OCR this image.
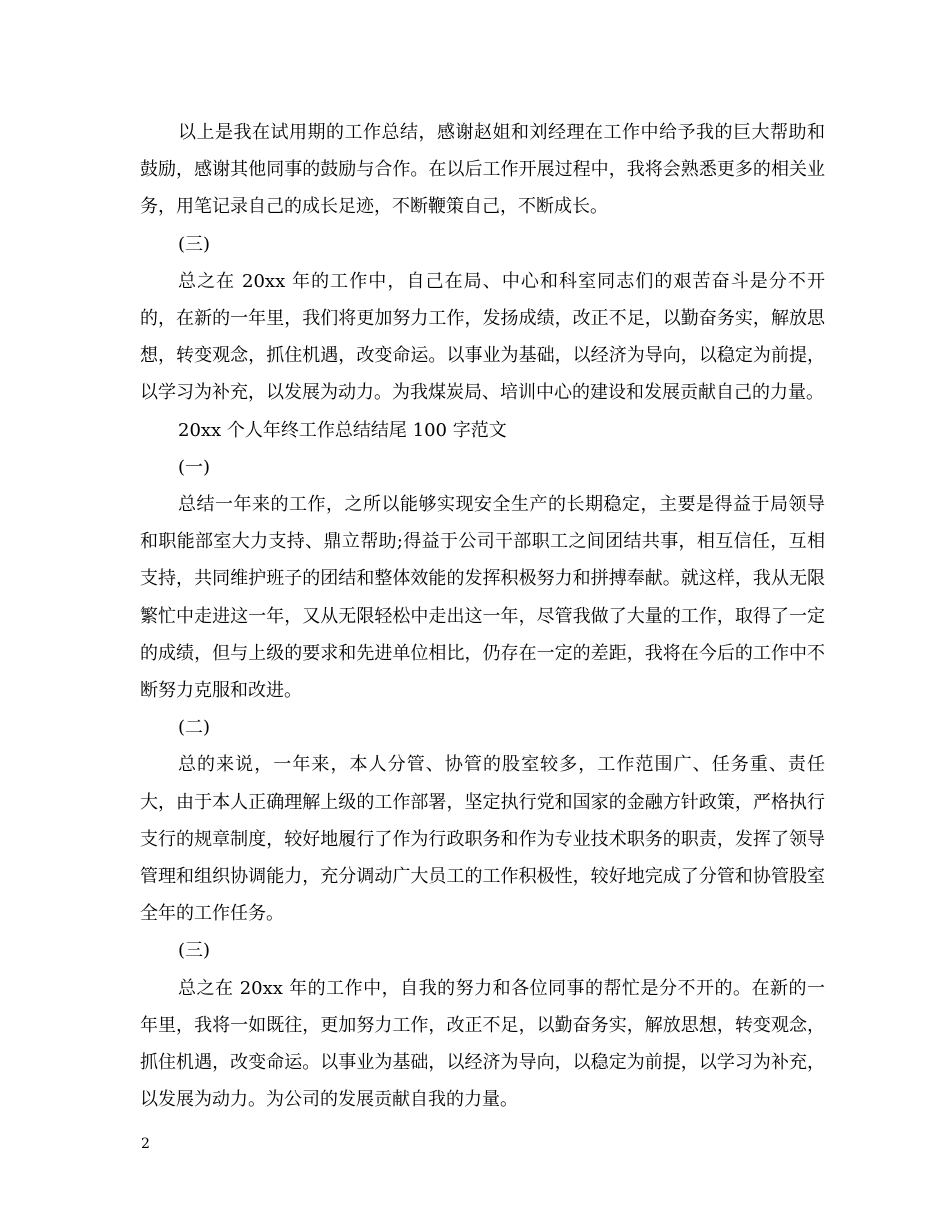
以上是我在试用期的工作总结，感谢赵姐和刘经理在工作中给予我的巨大帮助和鼓励，感谢其他同事的鼓励与合作。在以后工作开展过程中，我将会熟悉更多的相关业务，用笔记录自己的成长足迹，不断鞭策自己，不断成长。

(三)

总之在 20xx 年的工作中，自己在局、中心和科室同志们的艰苦奋斗是分不开的，在新的一年里，我们将更加努力工作，发扬成绩，改正不足，以勤奋务实，解放思想，转变观念，抓住机遇，改变命运。以事业为基础，以经济为导向，以稳定为前提，以学习为补充，以发展为动力。为我煤炭局、培训中心的建设和发展贡献自己的力量。

20xx 个人年终工作总结结尾 100 字范文

(一)

总结一年来的工作，之所以能够实现安全生产的长期稳定，主要是得益于局领导和职能部室大力支持、鼎立帮助;得益于公司干部职工之间团结共事，相互信任，互相支持，共同维护班子的团结和整体效能的发挥积极努力和拼搏奉献。就这样，我从无限繁忙中走进这一年，又从无限轻松中走出这一年，尽管我做了大量的工作，取得了一定的成绩，但与上级的要求和先进单位相比，仍存在一定的差距，我将在今后的工作中不断努力克服和改进。

(二)

总的来说，一年来，本人分管、协管的股室较多，工作范围广、任务重、责任大，由于本人正确理解上级的工作部署，坚定执行党和国家的金融方针政策，严格执行支行的规章制度，较好地履行了作为行政职务和作为专业技术职务的职责，发挥了领导管理和组织协调能力，充分调动广大员工的工作积极性，较好地完成了分管和协管股室全年的工作任务。

(三)

总之在 20xx 年的工作中，自我的努力和各位同事的帮忙是分不开的。在新的一年里，我将一如既往，更加努力工作，改正不足，以勤奋务实，解放思想，转变观念，抓住机遇，改变命运。以事业为基础，以经济为导向，以稳定为前提，以学习为补充，以发展为动力。为公司的发展贡献自我的力量。

2
